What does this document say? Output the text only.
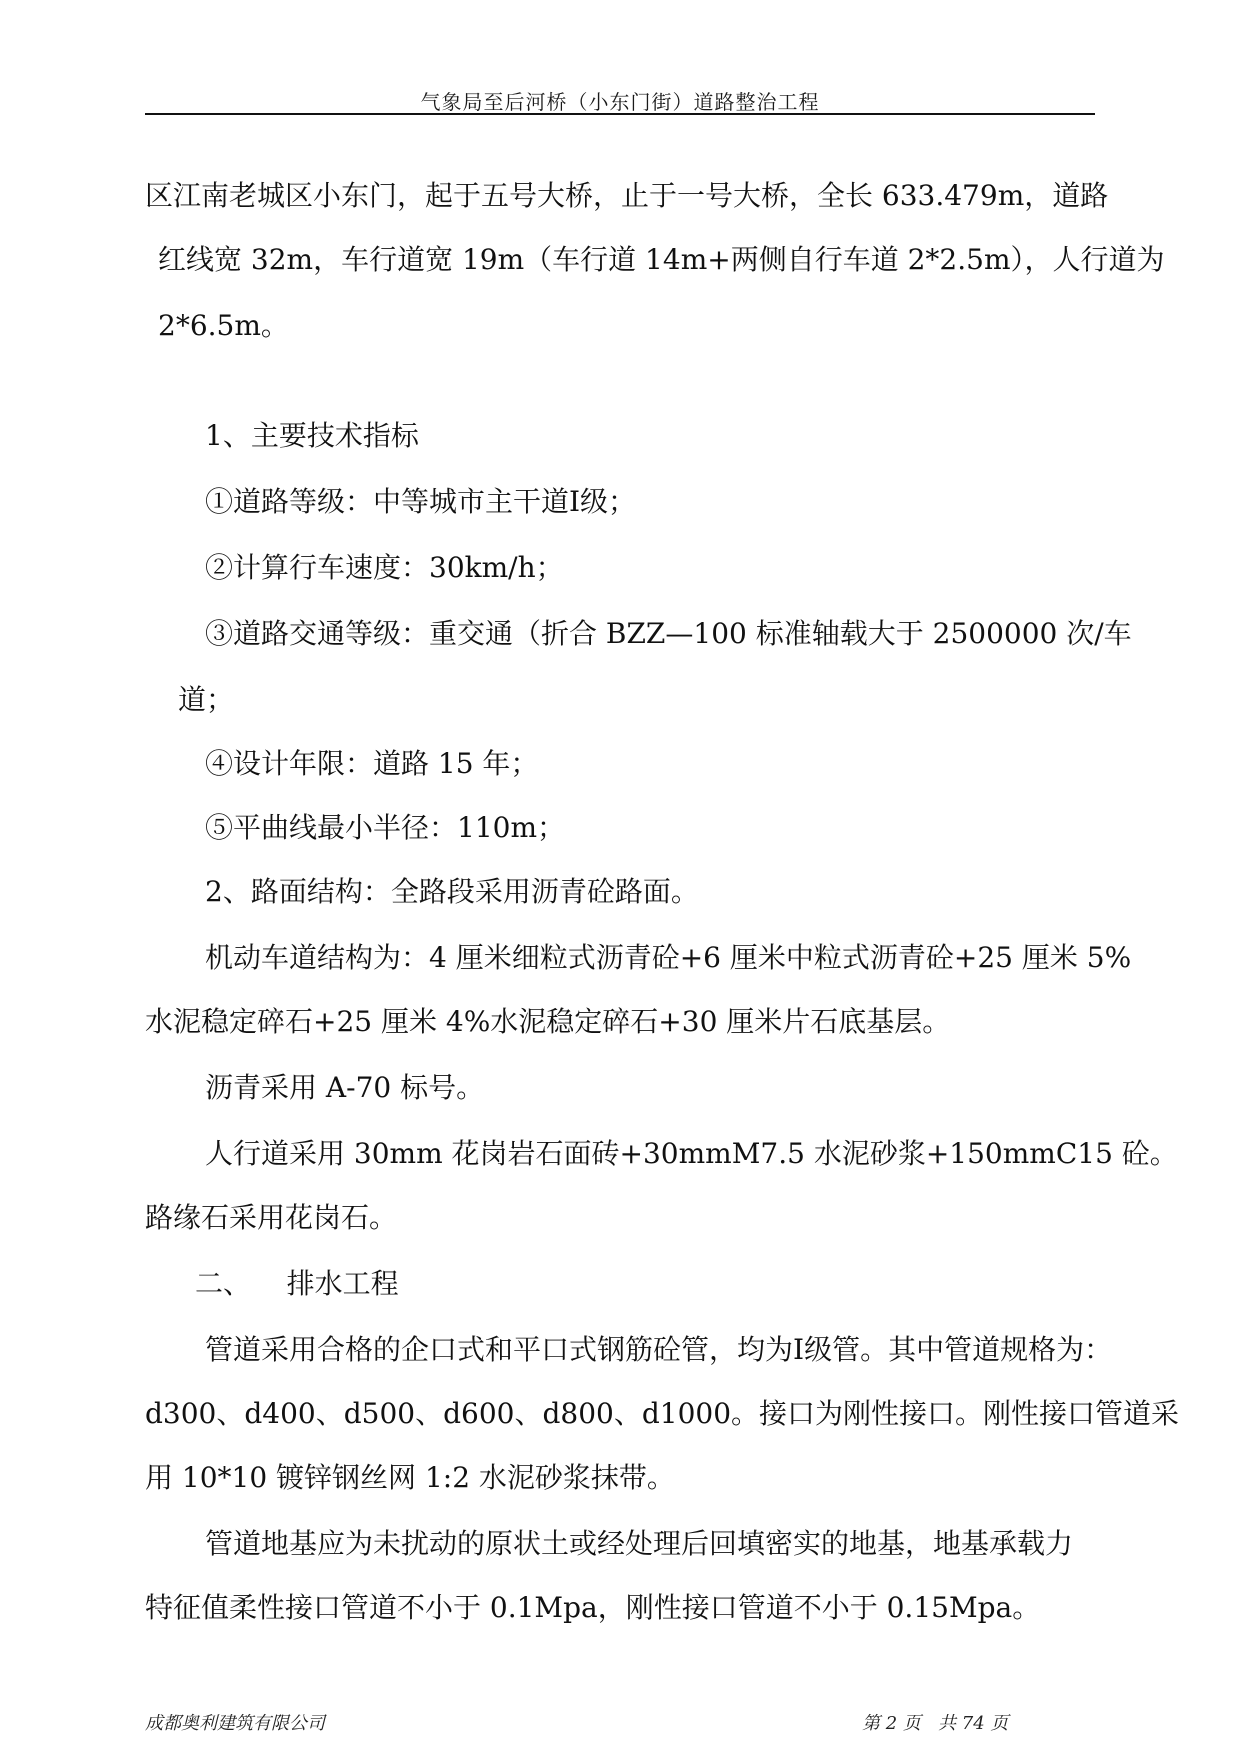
气象局至后河桥（小东门街）道路整治工程
区江南老城区小东门，起于五号大桥，止于一号大桥，全长 633.479m，道路
红线宽 32m，车行道宽 19m（车行道 14m+两侧自行车道 2*2.5m），人行道为
2*6.5m。
1、主要技术指标
①道路等级：中等城市主干道Ⅰ级；
②计算行车速度：30km/h；
③道路交通等级：重交通（折合 BZZ—100 标准轴载大于 2500000 次/车
道；
④设计年限：道路 15 年；
⑤平曲线最小半径：110m；
2、路面结构：全路段采用沥青砼路面。
机动车道结构为：4 厘米细粒式沥青砼+6 厘米中粒式沥青砼+25 厘米 5%
水泥稳定碎石+25 厘米 4%水泥稳定碎石+30 厘米片石底基层。
沥青采用 A-70 标号。
人行道采用 30mm 花岗岩石面砖+30mmM7.5 水泥砂浆+150mmC15 砼。
路缘石采用花岗石。
二、    排水工程
管道采用合格的企口式和平口式钢筋砼管，均为Ⅰ级管。其中管道规格为：
d300、d400、d500、d600、d800、d1000。接口为刚性接口。刚性接口管道采
用 10*10 镀锌钢丝网 1:2 水泥砂浆抹带。
管道地基应为未扰动的原状土或经处理后回填密实的地基，地基承载力
特征值柔性接口管道不小于 0.1Mpa，刚性接口管道不小于 0.15Mpa。
成都奥利建筑有限公司	第 2 页   共 74 页
